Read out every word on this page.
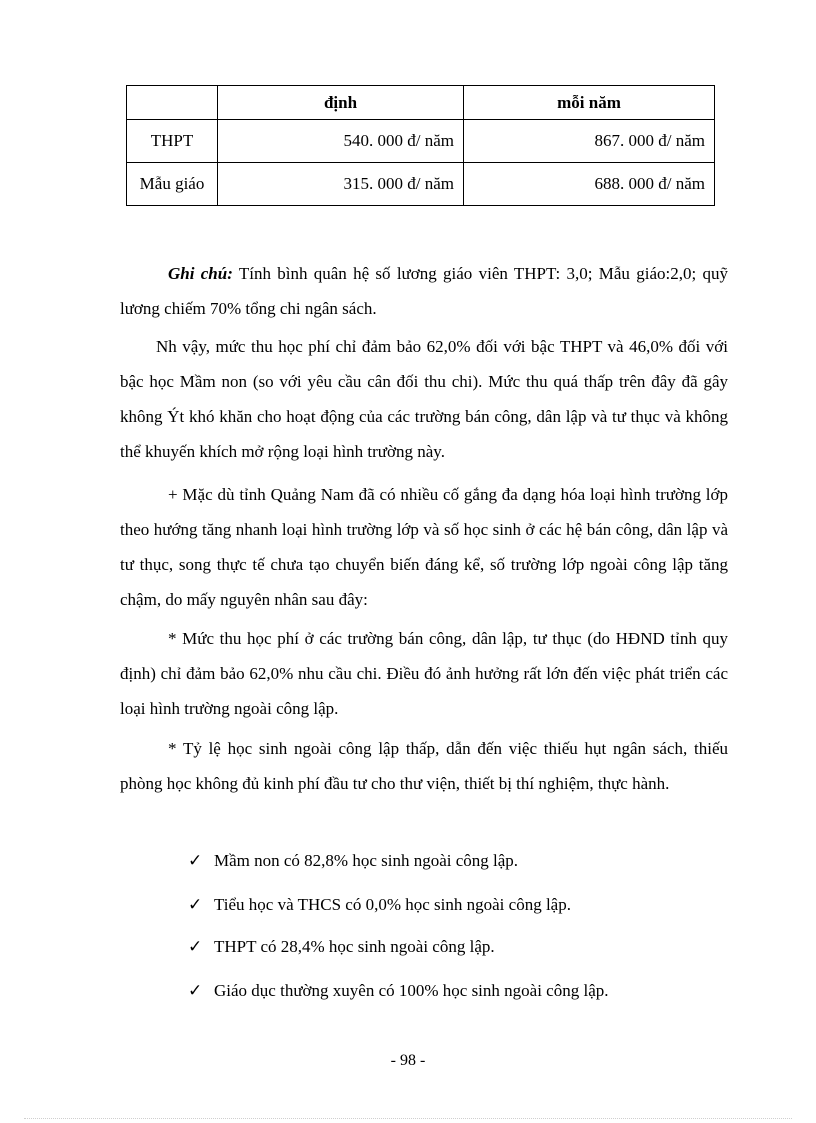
	định	mỗi năm
THPT	540. 000 đ/ năm	867. 000 đ/ năm
Mẫu giáo	315. 000 đ/ năm	688. 000 đ/ năm

Ghi chú: Tính bình quân hệ số lương giáo viên THPT: 3,0; Mẫu giáo:2,0; quỹ lương chiếm 70% tổng chi ngân sách.

Nh vậy, mức thu học phí chỉ đảm bảo 62,0% đối với bậc THPT và 46,0% đối với bậc học Mầm non (so với yêu cầu cân đối thu chi). Mức thu quá thấp trên đây đã gây không Ýt khó khăn cho hoạt động của các trường bán công, dân lập và tư thục và không thể khuyến khích mở rộng loại hình trường này.

+ Mặc dù tỉnh Quảng Nam đã có nhiều cố gắng đa dạng hóa loại hình trường lớp theo hướng tăng nhanh loại hình trường lớp và số học sinh ở các hệ bán công, dân lập và tư thục, song thực tế chưa tạo chuyển biến đáng kể, số trường lớp ngoài công lập tăng chậm, do mấy nguyên nhân sau đây:

* Mức thu học phí ở các trường bán công, dân lập, tư thục (do HĐND tỉnh quy định) chỉ đảm bảo 62,0% nhu cầu chi. Điều đó ảnh hưởng rất lớn đến việc phát triển các loại hình trường ngoài công lập.

* Tỷ lệ học sinh ngoài công lập thấp, dẫn đến việc thiếu hụt ngân sách, thiếu phòng học không đủ kinh phí đầu tư cho thư viện, thiết bị thí nghiệm, thực hành.

✓ Mầm non có 82,8% học sinh ngoài công lập.
✓ Tiểu học và THCS có 0,0% học sinh ngoài công lập.
✓ THPT có 28,4% học sinh ngoài công lập.
✓ Giáo dục thường xuyên có 100% học sinh ngoài công lập.
- 98 -
